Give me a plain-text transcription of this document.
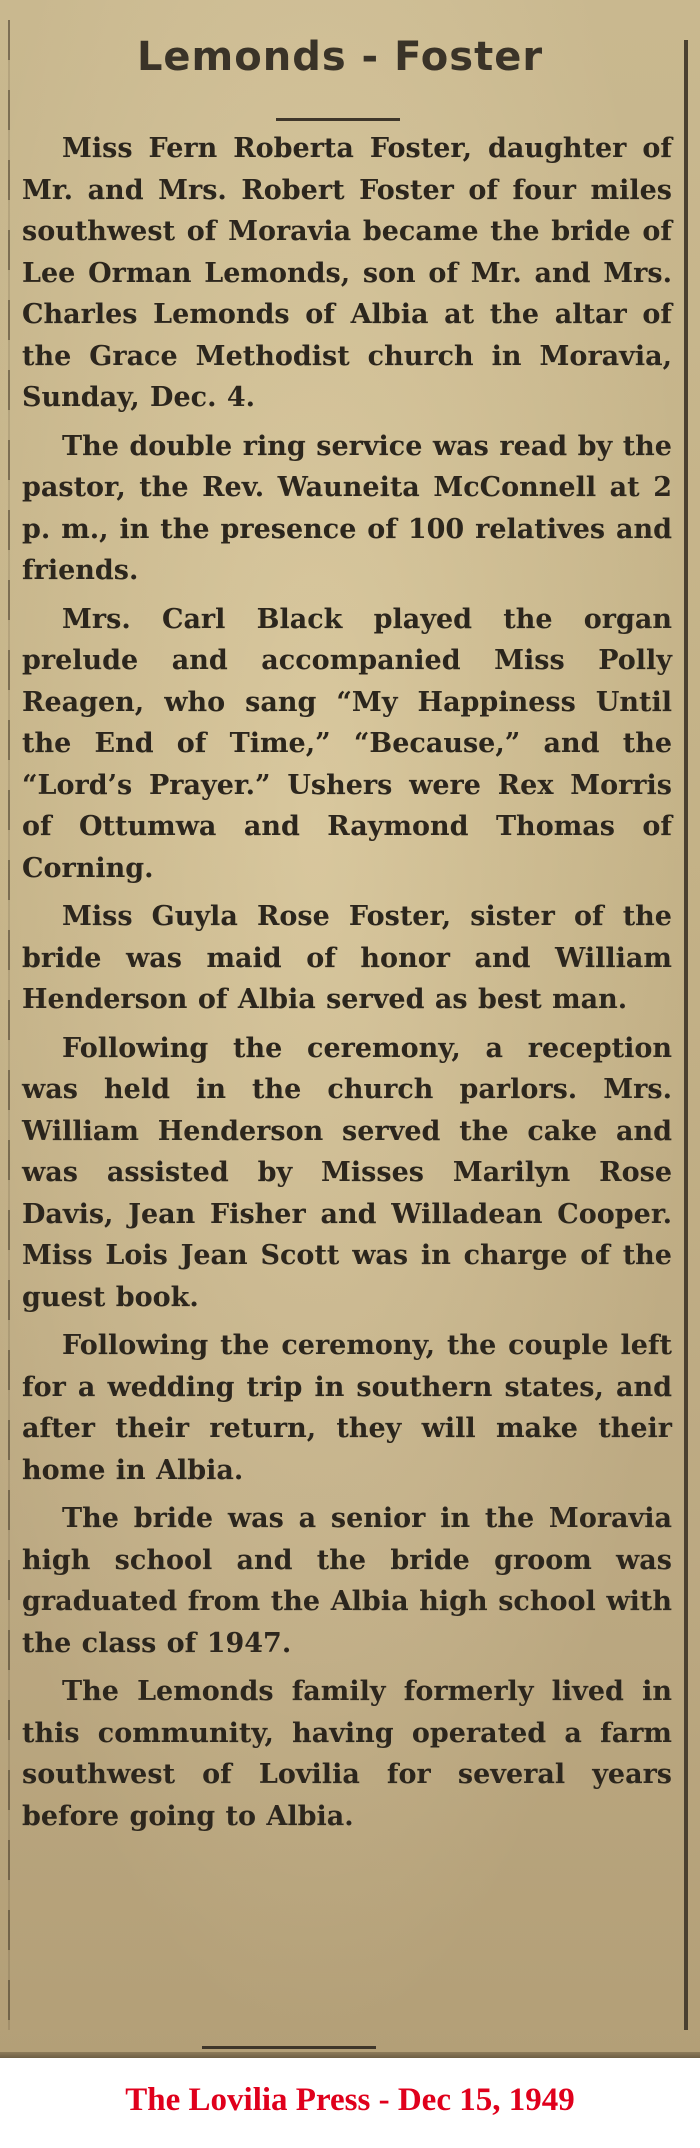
Lemonds - Foster

Miss Fern Roberta Foster, daughter of Mr. and Mrs. Robert Foster of four miles southwest of Moravia became the bride of Lee Orman Lemonds, son of Mr. and Mrs. Charles Lemonds of Albia at the altar of the Grace Methodist church in Moravia, Sunday, Dec. 4.

The double ring service was read by the pastor, the Rev. Wauneita McConnell at 2 p. m., in the presence of 100 relatives and friends.

Mrs. Carl Black played the organ prelude and accompanied Miss Polly Reagen, who sang “My Happiness Until the End of Time,” “Because,” and the “Lord’s Prayer.” Ushers were Rex Morris of Ottumwa and Raymond Thomas of Corning.

Miss Guyla Rose Foster, sister of the bride was maid of honor and William Henderson of Albia served as best man.

Following the ceremony, a reception was held in the church parlors. Mrs. William Henderson served the cake and was assisted by Misses Marilyn Rose Davis, Jean Fisher and Willadean Cooper. Miss Lois Jean Scott was in charge of the guest book.

Following the ceremony, the couple left for a wedding trip in southern states, and after their return, they will make their home in Albia.

The bride was a senior in the Moravia high school and the bride groom was graduated from the Albia high school with the class of 1947.

The Lemonds family formerly lived in this community, having operated a farm southwest of Lovilia for several years before going to Albia.

The Lovilia Press - Dec 15, 1949
